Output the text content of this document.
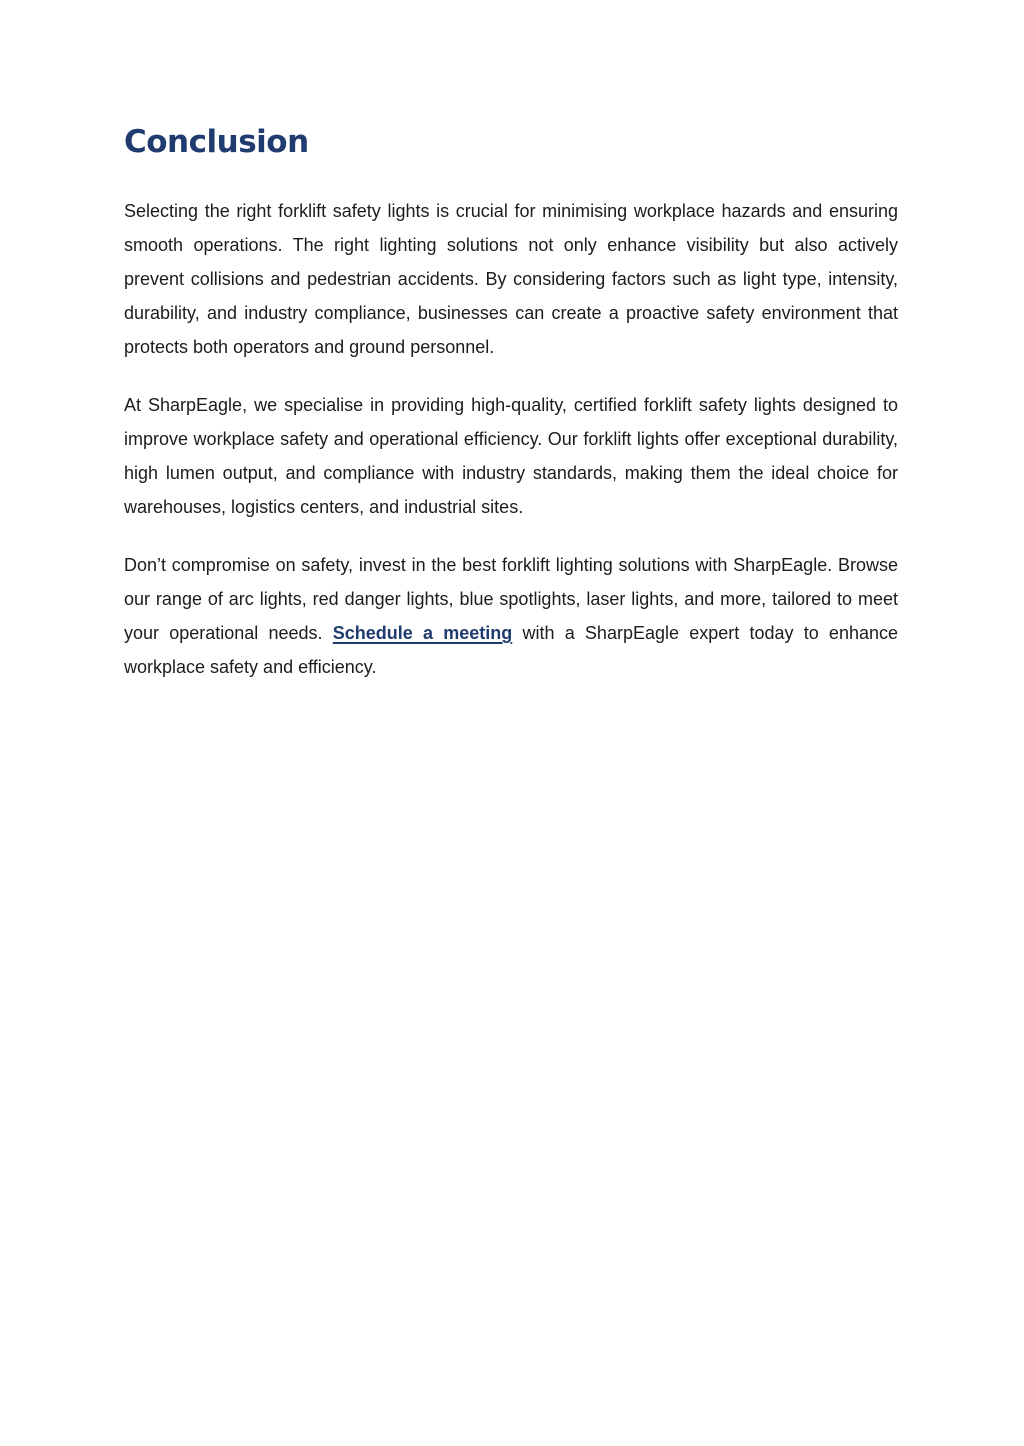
Conclusion

Selecting the right forklift safety lights is crucial for minimising workplace hazards and ensuring smooth operations. The right lighting solutions not only enhance visibility but also actively prevent collisions and pedestrian accidents. By considering factors such as light type, intensity, durability, and industry compliance, businesses can create a proactive safety environment that protects both operators and ground personnel.

At SharpEagle, we specialise in providing high-quality, certified forklift safety lights designed to improve workplace safety and operational efficiency. Our forklift lights offer exceptional durability, high lumen output, and compliance with industry standards, making them the ideal choice for warehouses, logistics centers, and industrial sites.

Don’t compromise on safety, invest in the best forklift lighting solutions with SharpEagle. Browse our range of arc lights, red danger lights, blue spotlights, laser lights, and more, tailored to meet your operational needs. Schedule a meeting with a SharpEagle expert today to enhance workplace safety and efficiency.
